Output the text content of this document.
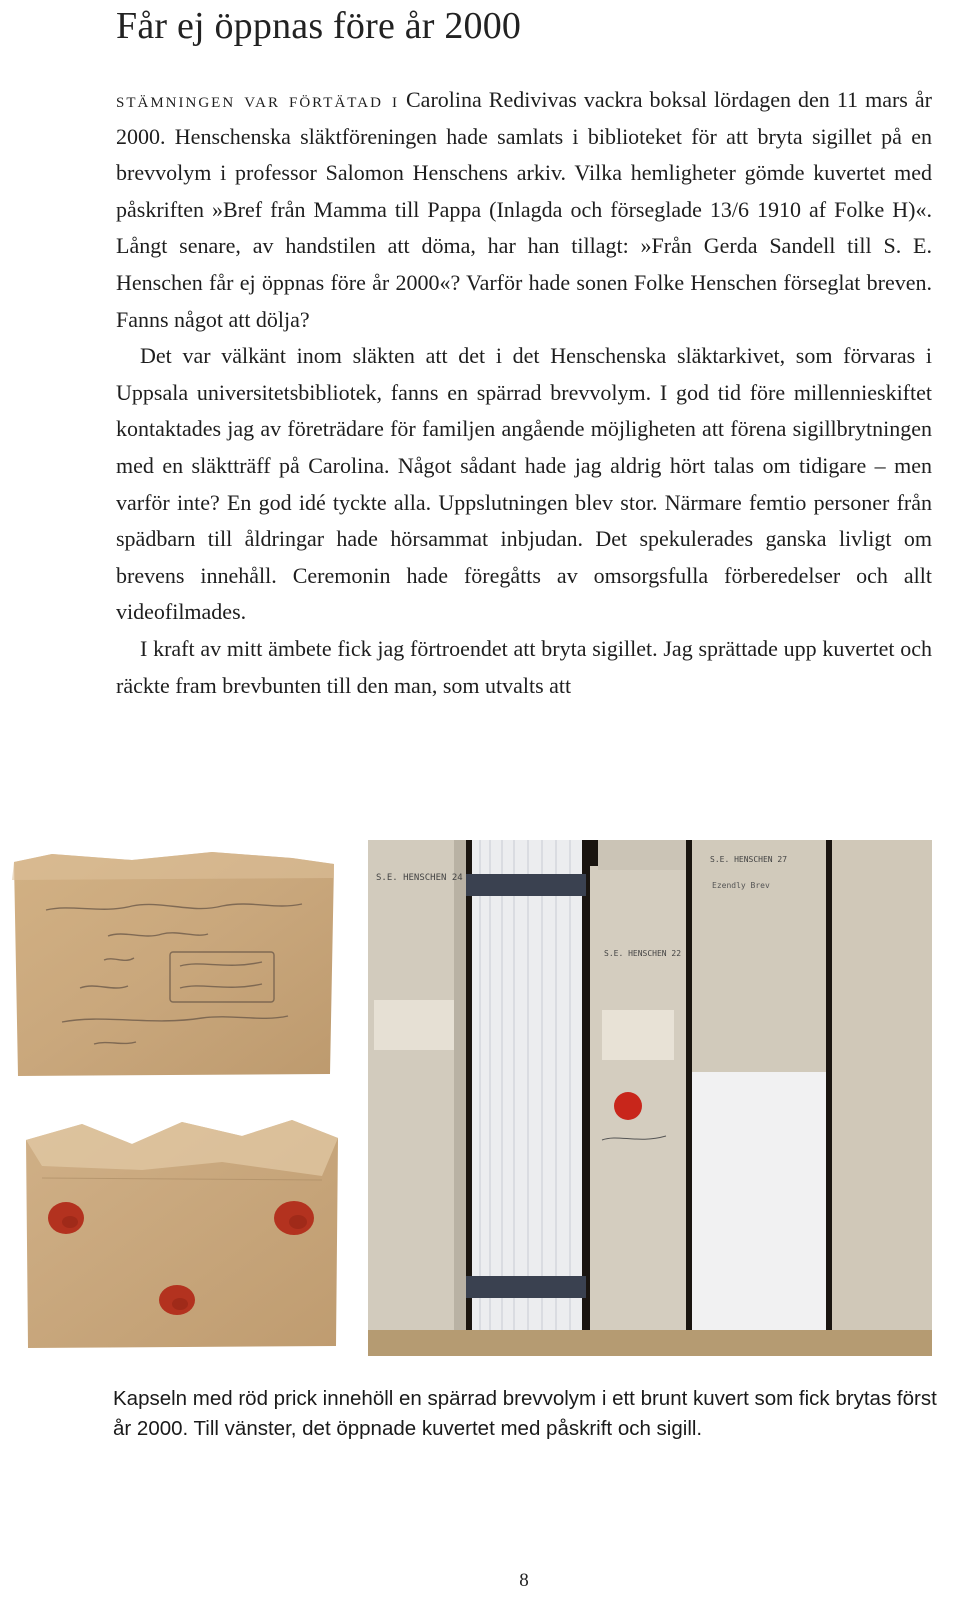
Får ej öppnas före år 2000

stämningen var förtätad i Carolina Redivivas vackra boksal lördagen den 11 mars år 2000. Henschenska släktföreningen hade samlats i biblioteket för att bryta sigillet på en brevvolym i professor Salomon Henschens arkiv. Vilka hemligheter gömde kuvertet med påskriften »Bref från Mamma till Pappa (Inlagda och förseglade 13/6 1910 af Folke H)«. Långt senare, av handstilen att döma, har han tillagt: »Från Gerda Sandell till S. E. Henschen får ej öppnas före år 2000«? Varför hade sonen Folke Henschen förseglat breven. Fanns något att dölja?

Det var välkänt inom släkten att det i det Henschenska släktarkivet, som förvaras i Uppsala universitetsbibliotek, fanns en spärrad brevvolym. I god tid före millennieskiftet kontaktades jag av företrädare för familjen angående möjligheten att förena sigillbrytningen med en släktträff på Carolina. Något sådant hade jag aldrig hört talas om tidigare – men varför inte? En god idé tyckte alla. Uppslutningen blev stor. Närmare femtio personer från spädbarn till åldringar hade hörsammat inbjudan. Det spekulerades ganska livligt om brevens innehåll. Ceremonin hade föregåtts av omsorgsfulla förberedelser och allt videofilmades.

I kraft av mitt ämbete fick jag förtroendet att bryta sigillet. Jag sprättade upp kuvertet och räckte fram brevbunten till den man, som utvalts att

S.E. HENSCHEN 24
S.E. HENSCHEN 22
S.E. HENSCHEN 27
Ezendly Brev
Kapseln med röd prick innehöll en spärrad brevvolym i ett brunt kuvert som fick brytas först år 2000. Till vänster, det öppnade kuvertet med påskrift och sigill.
8
